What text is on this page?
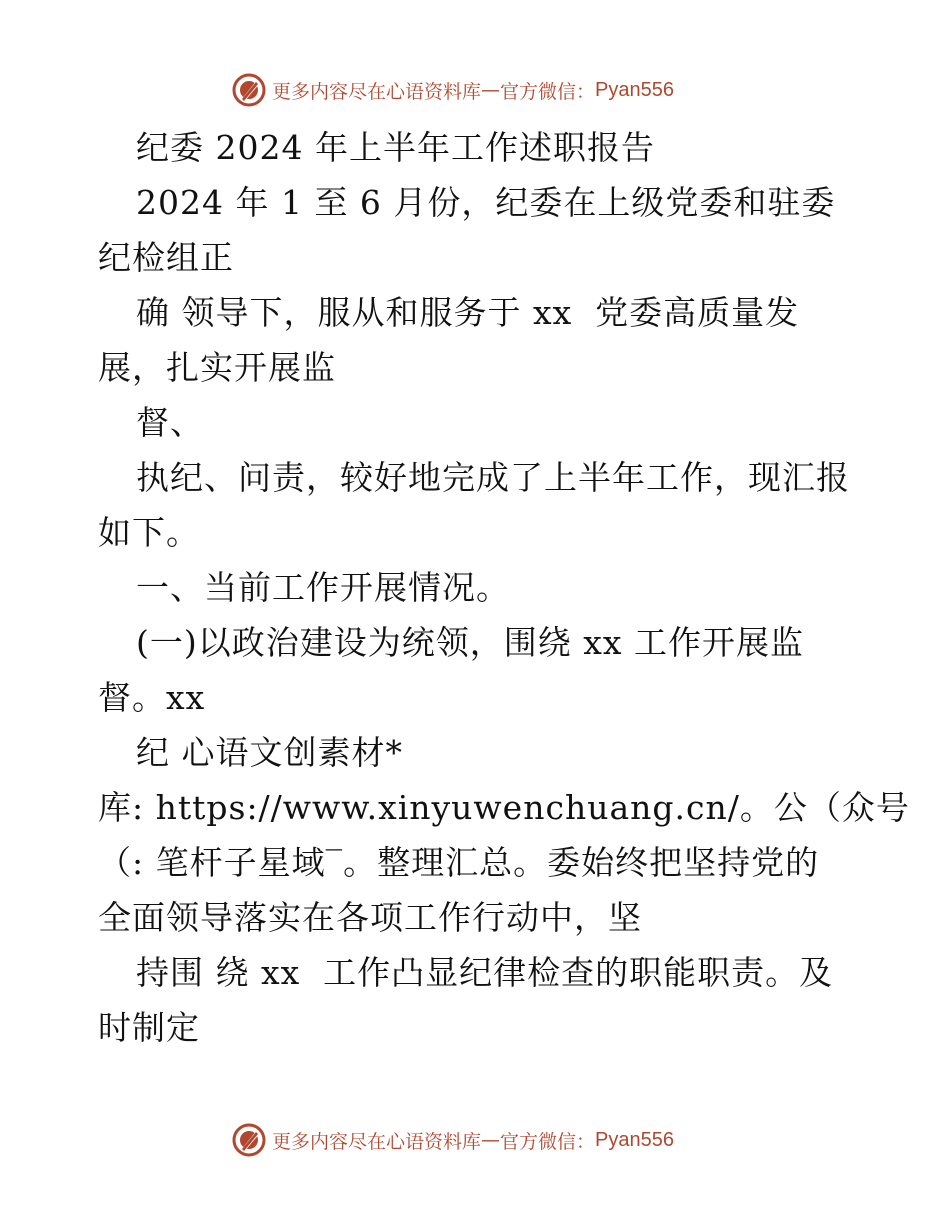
更多内容尽在心语资料库 — 官方微信： Pyan556
纪委 2024 年上半年工作述职报告
2024 年 1 至 6 月份，纪委在上级党委和驻委
纪检组正
确 领导下，服从和服务于 xx  党委高质量发
展，扎实开展监
督、
执纪、问责，较好地完成了上半年工作，现汇报
如下。
一、当前工作开展情况。
(一)以政治建设为统领，围绕 xx 工作开展监
督。xx
纪 心语文创素材*
库: https://www.xinyuwenchuang.cn/。公（众号
（: 笔杆子星域‾。整理汇总。委始终把坚持党的
全面领导落实在各项工作行动中，坚
持围 绕 xx  工作凸显纪律检查的职能职责。及
时制定
更多内容尽在心语资料库 — 官方微信： Pyan556
